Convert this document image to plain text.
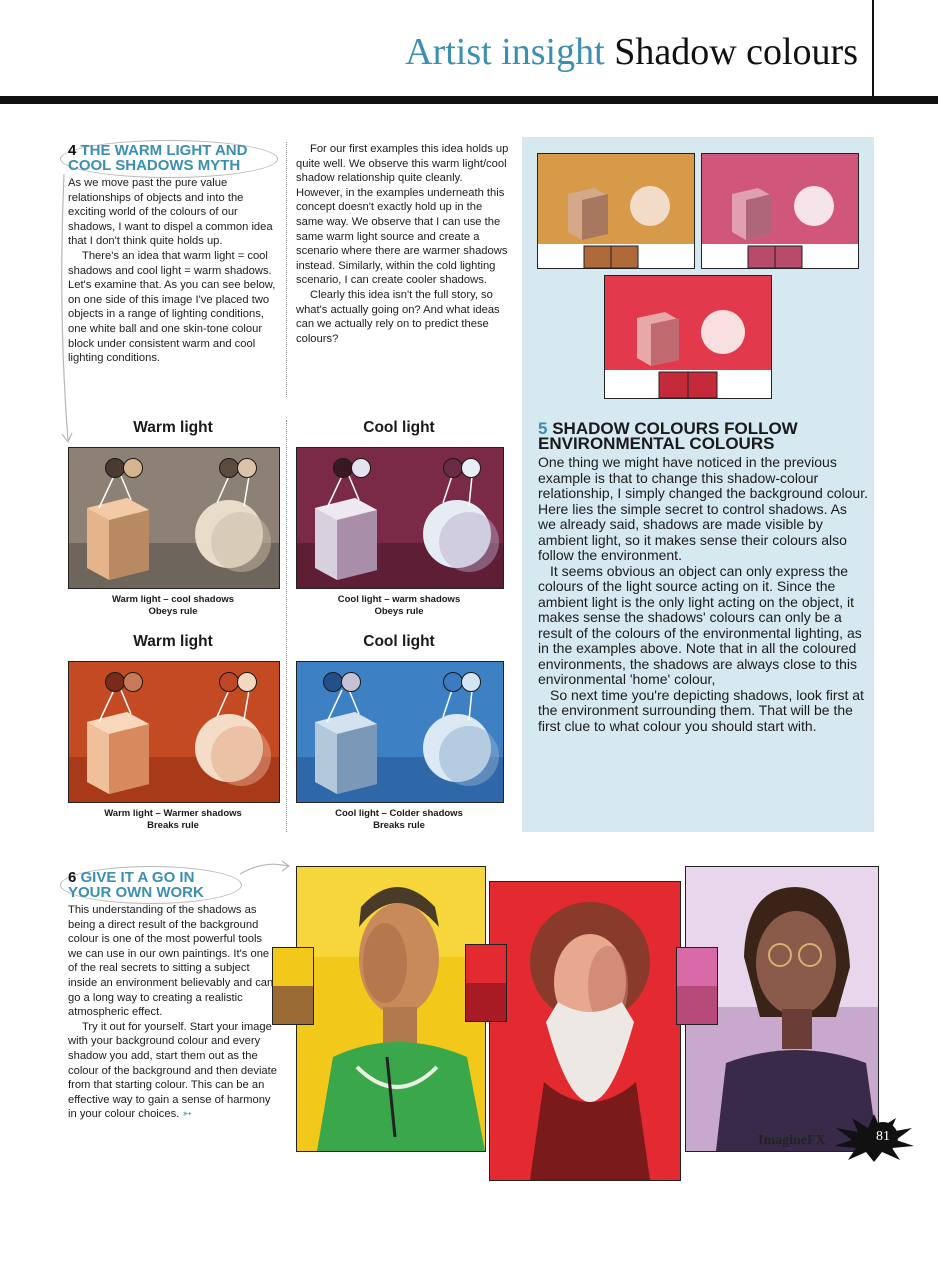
Artist insight Shadow colours
4 THE WARM LIGHT AND
COOL SHADOWS MYTH

As we move past the pure value relationships of objects and into the exciting world of the colours of our shadows, I want to dispel a common idea that I don't think quite holds up.

There's an idea that warm light = cool shadows and cool light = warm shadows. Let's examine that. As you can see below, on one side of this image I've placed two objects in a range of lighting conditions, one white ball and one skin-tone colour block under consistent warm and cool lighting conditions.

For our first examples this idea holds up quite well. We observe this warm light/cool shadow relationship quite cleanly. However, in the examples underneath this concept doesn't exactly hold up in the same way. We observe that I can use the same warm light source and create a scenario where there are warmer shadows instead. Similarly, within the cold lighting scenario, I can create cooler shadows.

Clearly this idea isn't the full story, so what's actually going on? And what ideas can we actually rely on to predict these colours?

Warm light	Cool light
Warm light – cool shadows
Obeys rule
Cool light – warm shadows
Obeys rule
Warm light	Cool light
Warm light – Warmer shadows
Breaks rule
Cool light – Colder shadows
Breaks rule
5 SHADOW COLOURS FOLLOW
ENVIRONMENTAL COLOURS

One thing we might have noticed in the previous example is that to change this shadow-colour relationship, I simply changed the background colour. Here lies the simple secret to control shadows. As we already said, shadows are made visible by ambient light, so it makes sense their colours also follow the environment.

It seems obvious an object can only express the colours of the light source acting on it. Since the ambient light is the only light acting on the object, it makes sense the shadows' colours can only be a result of the colours of the environmental lighting, as in the examples above. Note that in all the coloured environments, the shadows are always close to this environmental 'home' colour,

So next time you're depicting shadows, look first at the environment surrounding them. That will be the first clue to what colour you should start with.

6 GIVE IT A GO IN
YOUR OWN WORK

This understanding of the shadows as being a direct result of the background colour is one of the most powerful tools we can use in our own paintings. It's one of the real secrets to sitting a subject inside an environment believably and can go a long way to creating a realistic atmospheric effect.

Try it out for yourself. Start your image with your background colour and every shadow you add, start them out as the colour of the background and then deviate from that starting colour. This can be an effective way to gain a sense of harmony in your colour choices. ➳

ImagineFX	81
